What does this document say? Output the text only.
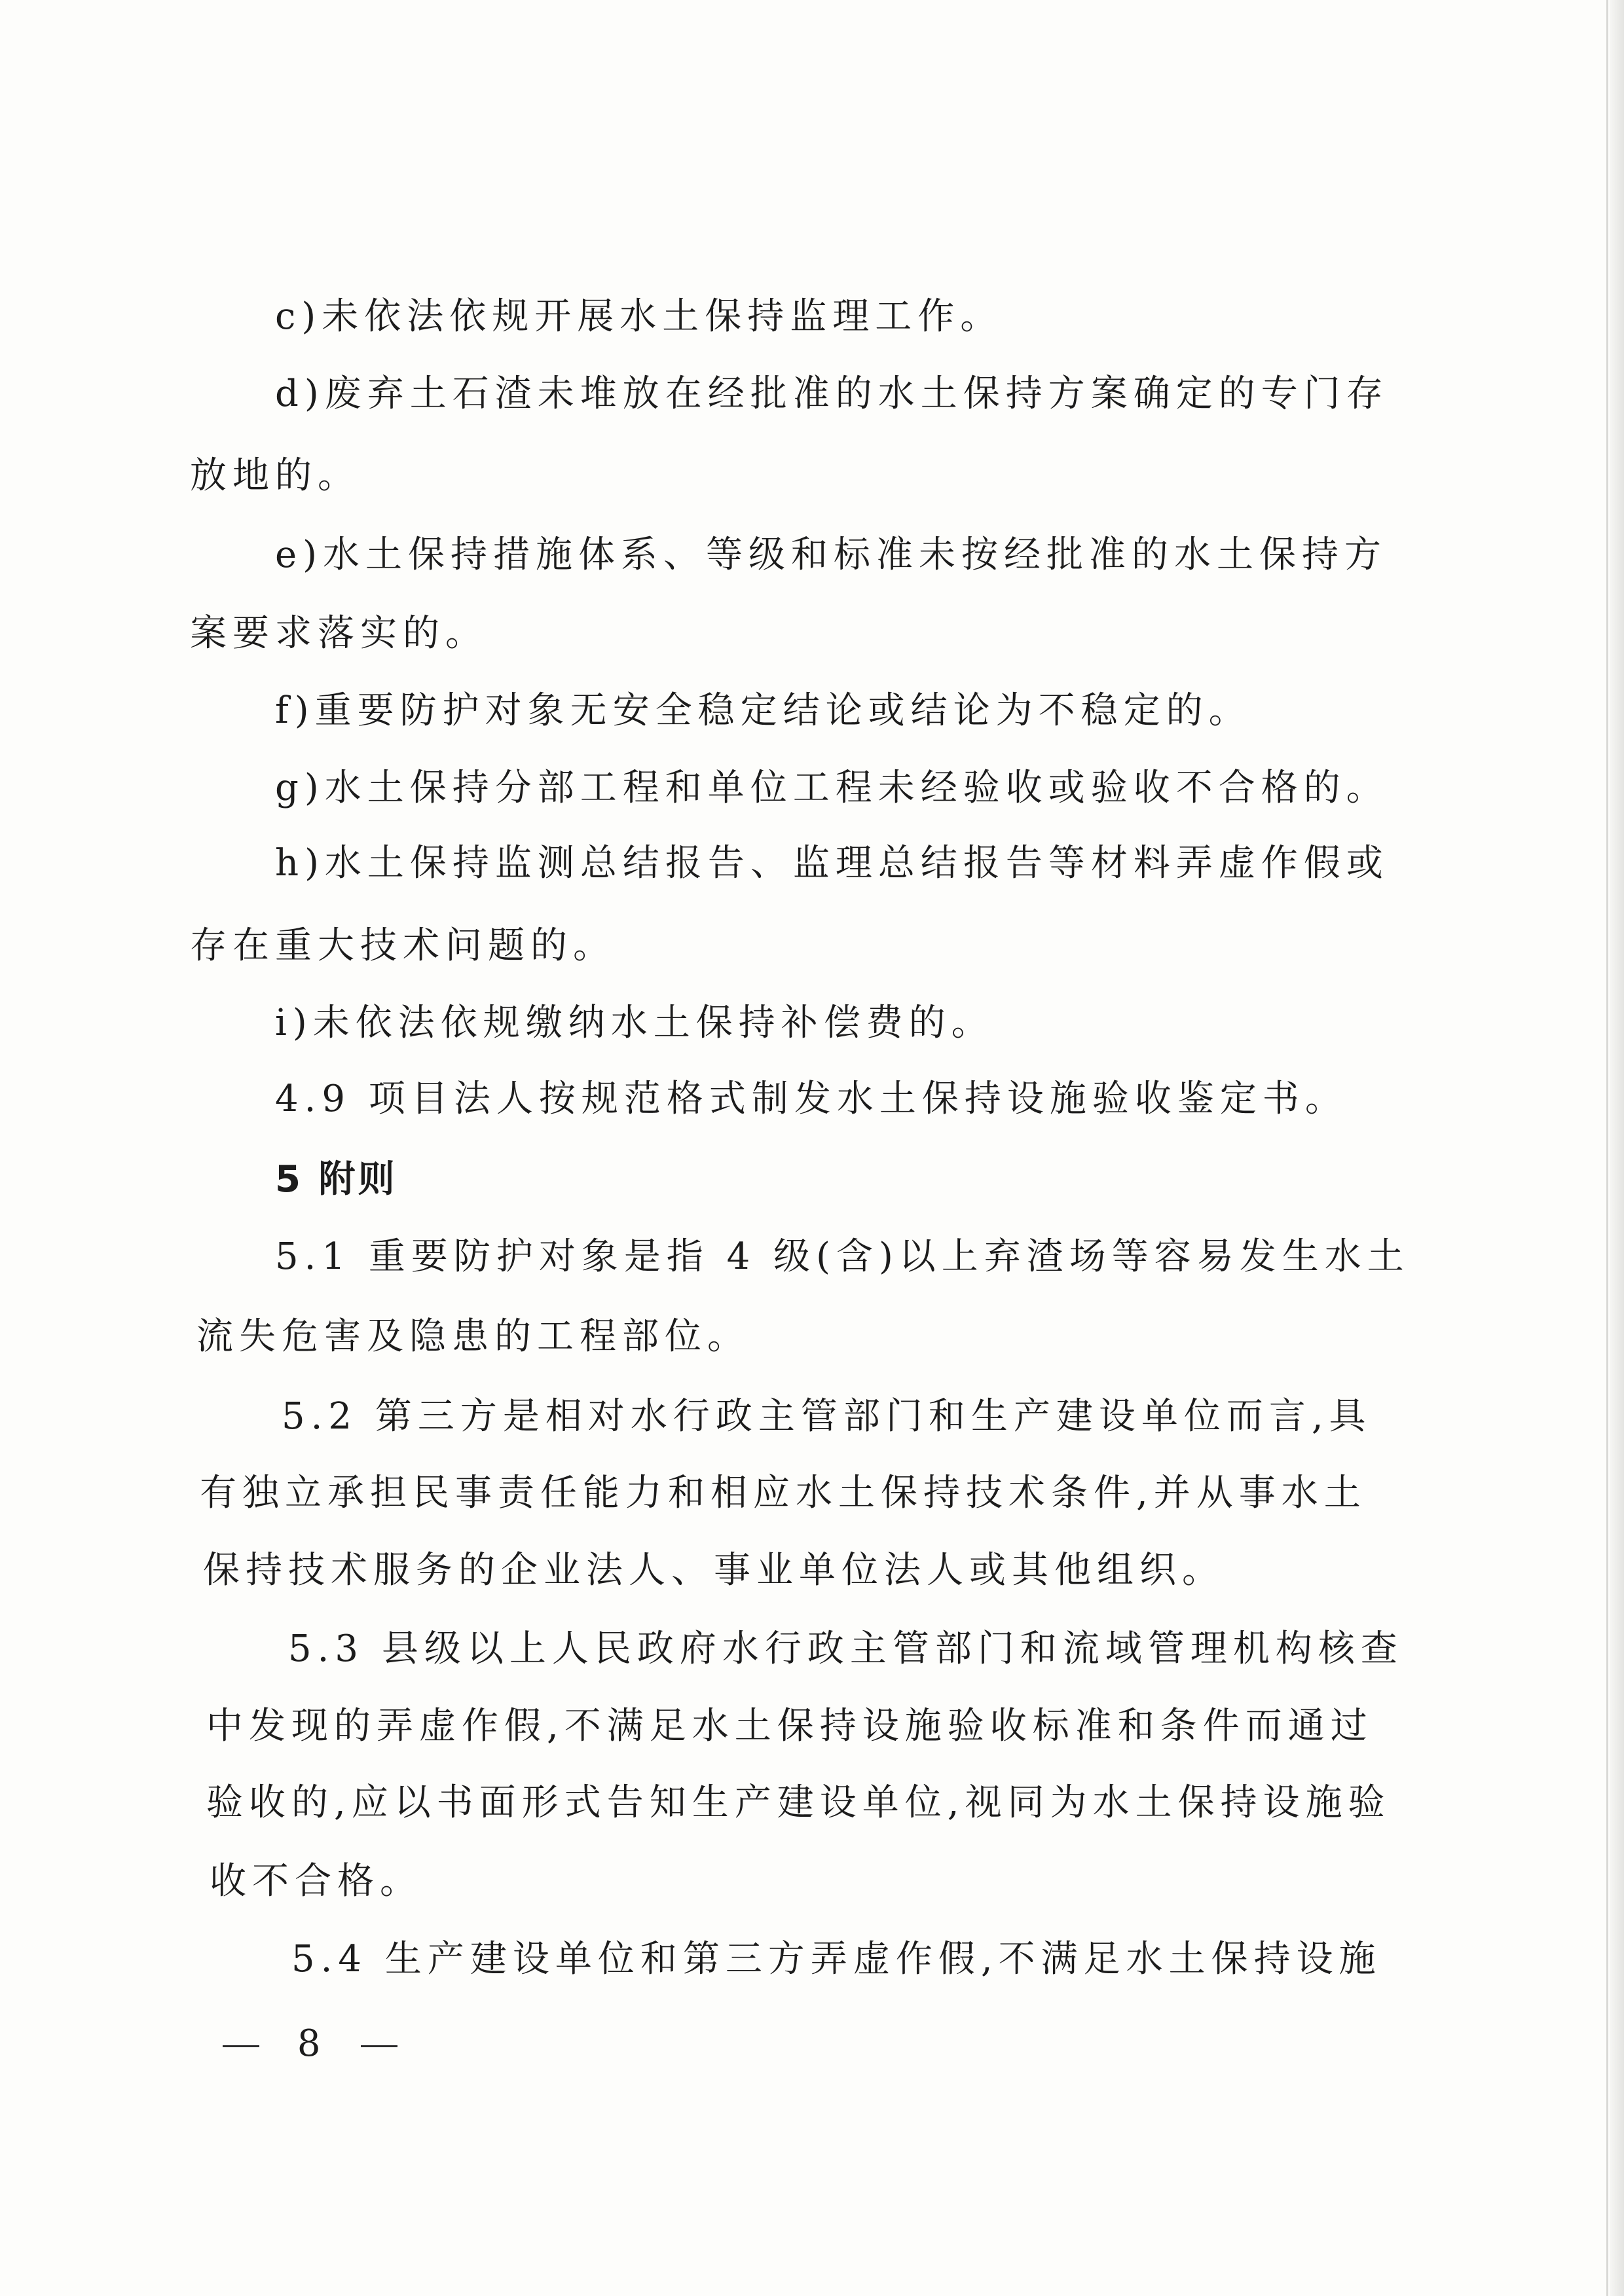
c)未依法依规开展水土保持监理工作。
d)废弃土石渣未堆放在经批准的水土保持方案确定的专门存
放地的。
e)水土保持措施体系、等级和标准未按经批准的水土保持方
案要求落实的。
f)重要防护对象无安全稳定结论或结论为不稳定的。
g)水土保持分部工程和单位工程未经验收或验收不合格的。
h)水土保持监测总结报告、监理总结报告等材料弄虚作假或
存在重大技术问题的。
i)未依法依规缴纳水土保持补偿费的。
4.9 项目法人按规范格式制发水土保持设施验收鉴定书。
5 附则
5.1 重要防护对象是指 4 级(含)以上弃渣场等容易发生水土
流失危害及隐患的工程部位。
5.2 第三方是相对水行政主管部门和生产建设单位而言,具
有独立承担民事责任能力和相应水土保持技术条件,并从事水土
保持技术服务的企业法人、事业单位法人或其他组织。
5.3 县级以上人民政府水行政主管部门和流域管理机构核查
中发现的弄虚作假,不满足水土保持设施验收标准和条件而通过
验收的,应以书面形式告知生产建设单位,视同为水土保持设施验
收不合格。
5.4 生产建设单位和第三方弄虚作假,不满足水土保持设施
8
